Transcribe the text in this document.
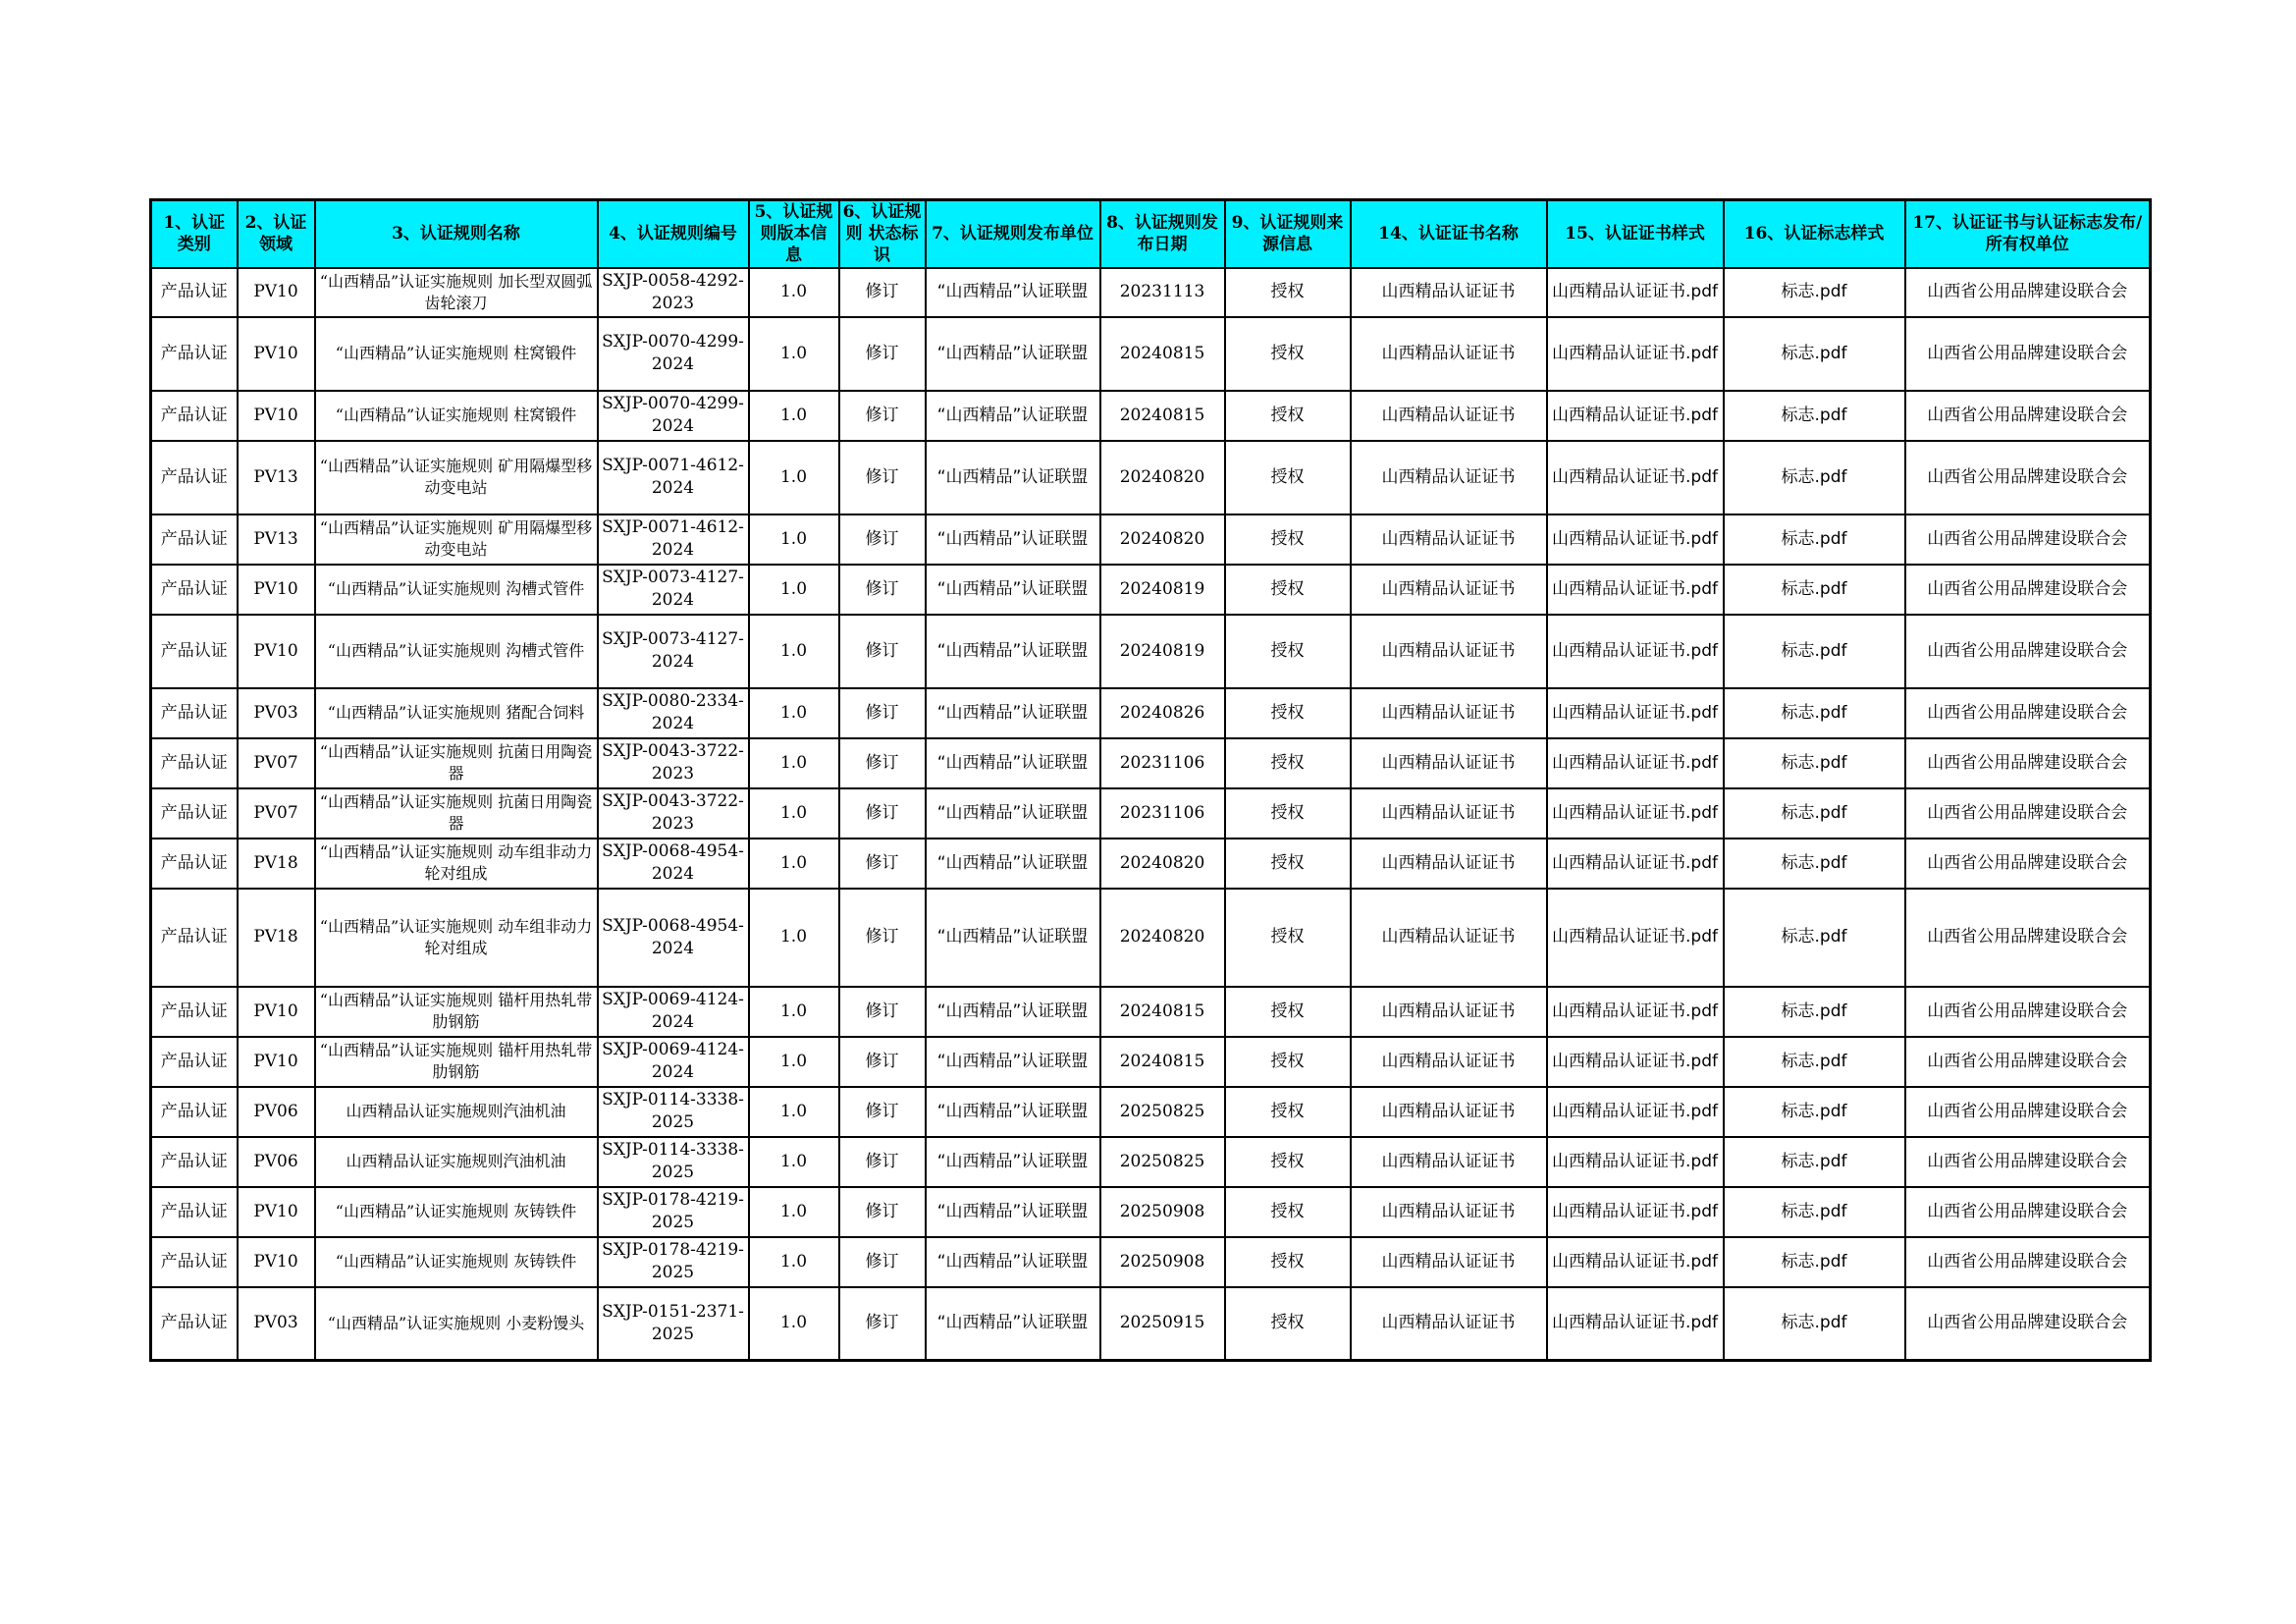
1、认证类别	2、认证领域	3、认证规则名称	4、认证规则编号	5、认证规则版本信息	6、认证规则 状态标识	7、认证规则发布单位	8、认证规则发布日期	9、认证规则来源信息	14、认证证书名称	15、认证证书样式	16、认证标志样式	17、认证证书与认证标志发布/所有权单位
产品认证	PV10	“山西精品”认证实施规则 加长型双圆弧齿轮滚刀	SXJP-0058-4292-2023	1.0	修订	“山西精品”认证联盟	20231113	授权	山西精品认证证书	山西精品认证证书.pdf	标志.pdf	山西省公用品牌建设联合会
产品认证	PV10	“山西精品”认证实施规则 柱窝锻件	SXJP-0070-4299-2024	1.0	修订	“山西精品”认证联盟	20240815	授权	山西精品认证证书	山西精品认证证书.pdf	标志.pdf	山西省公用品牌建设联合会
产品认证	PV10	“山西精品”认证实施规则 柱窝锻件	SXJP-0070-4299-2024	1.0	修订	“山西精品”认证联盟	20240815	授权	山西精品认证证书	山西精品认证证书.pdf	标志.pdf	山西省公用品牌建设联合会
产品认证	PV13	“山西精品”认证实施规则 矿用隔爆型移动变电站	SXJP-0071-4612-2024	1.0	修订	“山西精品”认证联盟	20240820	授权	山西精品认证证书	山西精品认证证书.pdf	标志.pdf	山西省公用品牌建设联合会
产品认证	PV13	“山西精品”认证实施规则 矿用隔爆型移动变电站	SXJP-0071-4612-2024	1.0	修订	“山西精品”认证联盟	20240820	授权	山西精品认证证书	山西精品认证证书.pdf	标志.pdf	山西省公用品牌建设联合会
产品认证	PV10	“山西精品”认证实施规则 沟槽式管件	SXJP-0073-4127-2024	1.0	修订	“山西精品”认证联盟	20240819	授权	山西精品认证证书	山西精品认证证书.pdf	标志.pdf	山西省公用品牌建设联合会
产品认证	PV10	“山西精品”认证实施规则 沟槽式管件	SXJP-0073-4127-2024	1.0	修订	“山西精品”认证联盟	20240819	授权	山西精品认证证书	山西精品认证证书.pdf	标志.pdf	山西省公用品牌建设联合会
产品认证	PV03	“山西精品”认证实施规则 猪配合饲料	SXJP-0080-2334-2024	1.0	修订	“山西精品”认证联盟	20240826	授权	山西精品认证证书	山西精品认证证书.pdf	标志.pdf	山西省公用品牌建设联合会
产品认证	PV07	“山西精品”认证实施规则 抗菌日用陶瓷器	SXJP-0043-3722-2023	1.0	修订	“山西精品”认证联盟	20231106	授权	山西精品认证证书	山西精品认证证书.pdf	标志.pdf	山西省公用品牌建设联合会
产品认证	PV07	“山西精品”认证实施规则 抗菌日用陶瓷器	SXJP-0043-3722-2023	1.0	修订	“山西精品”认证联盟	20231106	授权	山西精品认证证书	山西精品认证证书.pdf	标志.pdf	山西省公用品牌建设联合会
产品认证	PV18	“山西精品”认证实施规则 动车组非动力轮对组成	SXJP-0068-4954-2024	1.0	修订	“山西精品”认证联盟	20240820	授权	山西精品认证证书	山西精品认证证书.pdf	标志.pdf	山西省公用品牌建设联合会
产品认证	PV18	“山西精品”认证实施规则 动车组非动力轮对组成	SXJP-0068-4954-2024	1.0	修订	“山西精品”认证联盟	20240820	授权	山西精品认证证书	山西精品认证证书.pdf	标志.pdf	山西省公用品牌建设联合会
产品认证	PV10	“山西精品”认证实施规则 锚杆用热轧带肋钢筋	SXJP-0069-4124-2024	1.0	修订	“山西精品”认证联盟	20240815	授权	山西精品认证证书	山西精品认证证书.pdf	标志.pdf	山西省公用品牌建设联合会
产品认证	PV10	“山西精品”认证实施规则 锚杆用热轧带肋钢筋	SXJP-0069-4124-2024	1.0	修订	“山西精品”认证联盟	20240815	授权	山西精品认证证书	山西精品认证证书.pdf	标志.pdf	山西省公用品牌建设联合会
产品认证	PV06	山西精品认证实施规则汽油机油	SXJP-0114-3338-2025	1.0	修订	“山西精品”认证联盟	20250825	授权	山西精品认证证书	山西精品认证证书.pdf	标志.pdf	山西省公用品牌建设联合会
产品认证	PV06	山西精品认证实施规则汽油机油	SXJP-0114-3338-2025	1.0	修订	“山西精品”认证联盟	20250825	授权	山西精品认证证书	山西精品认证证书.pdf	标志.pdf	山西省公用品牌建设联合会
产品认证	PV10	“山西精品”认证实施规则 灰铸铁件	SXJP-0178-4219-2025	1.0	修订	“山西精品”认证联盟	20250908	授权	山西精品认证证书	山西精品认证证书.pdf	标志.pdf	山西省公用品牌建设联合会
产品认证	PV10	“山西精品”认证实施规则 灰铸铁件	SXJP-0178-4219-2025	1.0	修订	“山西精品”认证联盟	20250908	授权	山西精品认证证书	山西精品认证证书.pdf	标志.pdf	山西省公用品牌建设联合会
产品认证	PV03	“山西精品”认证实施规则 小麦粉馒头	SXJP-0151-2371-2025	1.0	修订	“山西精品”认证联盟	20250915	授权	山西精品认证证书	山西精品认证证书.pdf	标志.pdf	山西省公用品牌建设联合会
